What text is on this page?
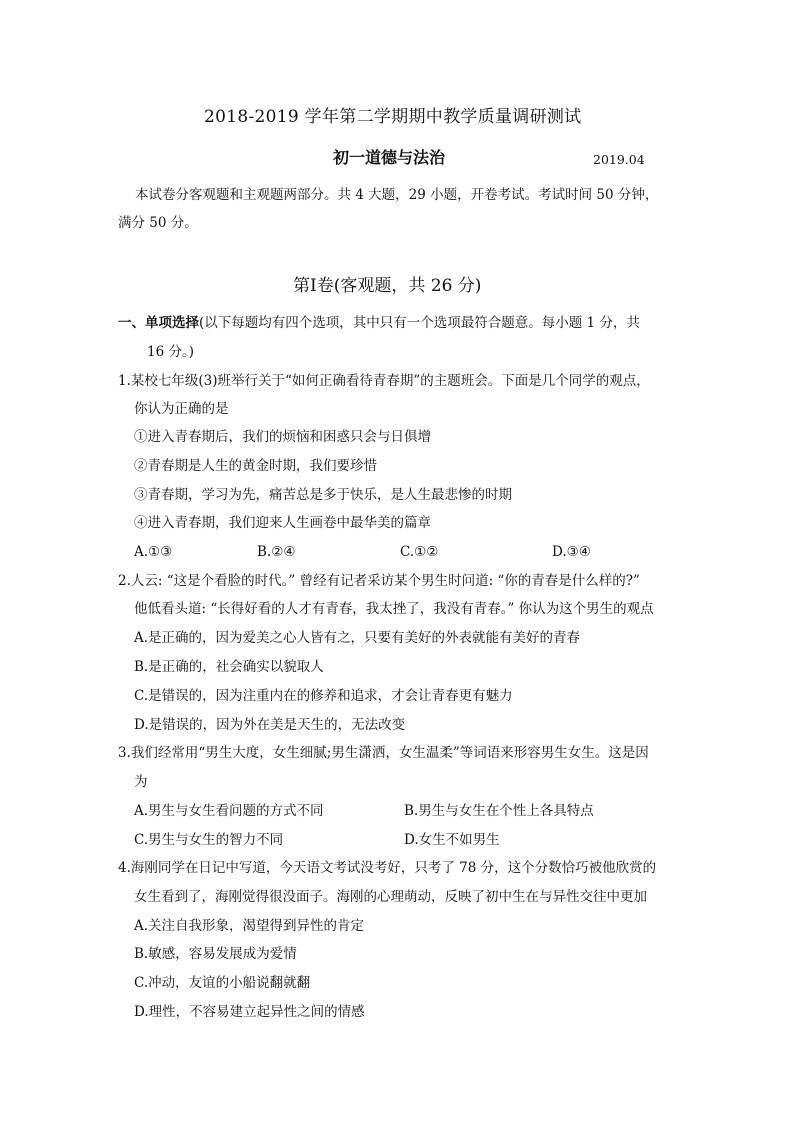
2018-2019 学年第二学期期中教学质量调研测试
初一道德与法治	2019.04
本试卷分客观题和主观题两部分。共 4 大题，29 小题，开卷考试。考试时间 50 分钟，
满分 50 分。
第Ⅰ卷(客观题，共 26 分)
一、单项选择(以下每题均有四个选项，其中只有一个选项最符合题意。每小题 1 分，共
16 分。)
1.某校七年级(3)班举行关于“如何正确看待青春期”的主题班会。下面是几个同学的观点，
你认为正确的是
①进入青春期后，我们的烦恼和困惑只会与日俱增
②青春期是人生的黄金时期，我们要珍惜
③青春期，学习为先，痛苦总是多于快乐，是人生最悲惨的时期
④进入青春期，我们迎来人生画卷中最华美的篇章
A.①③	B.②④	C.①②	D.③④
2.人云: “这是个看脸的时代。” 曾经有记者采访某个男生时问道: “你的青春是什么样的?”
他低看头道: “长得好看的人才有青春，我太挫了，我没有青春。” 你认为这个男生的观点
A.是正确的，因为爱美之心人皆有之，只要有美好的外表就能有美好的青春
B.是正确的，社会确实以貌取人
C.是错误的，因为注重内在的修养和追求，才会让青春更有魅力
D.是错误的，因为外在美是天生的，无法改变
3.我们经常用“男生大度，女生细腻;男生潇洒，女生温柔”等词语来形容男生女生。这是因
为
A.男生与女生看问题的方式不同	B.男生与女生在个性上各具特点
C.男生与女生的智力不同	D.女生不如男生
4.海刚同学在日记中写道，今天语文考试没考好，只考了 78 分，这个分数恰巧被他欣赏的
女生看到了，海刚觉得很没面子。海刚的心理萌动，反映了初中生在与异性交往中更加
A.关注自我形象，渴望得到异性的肯定
B.敏感，容易发展成为爱情
C.冲动，友谊的小船说翻就翻
D.理性，不容易建立起异性之间的情感
